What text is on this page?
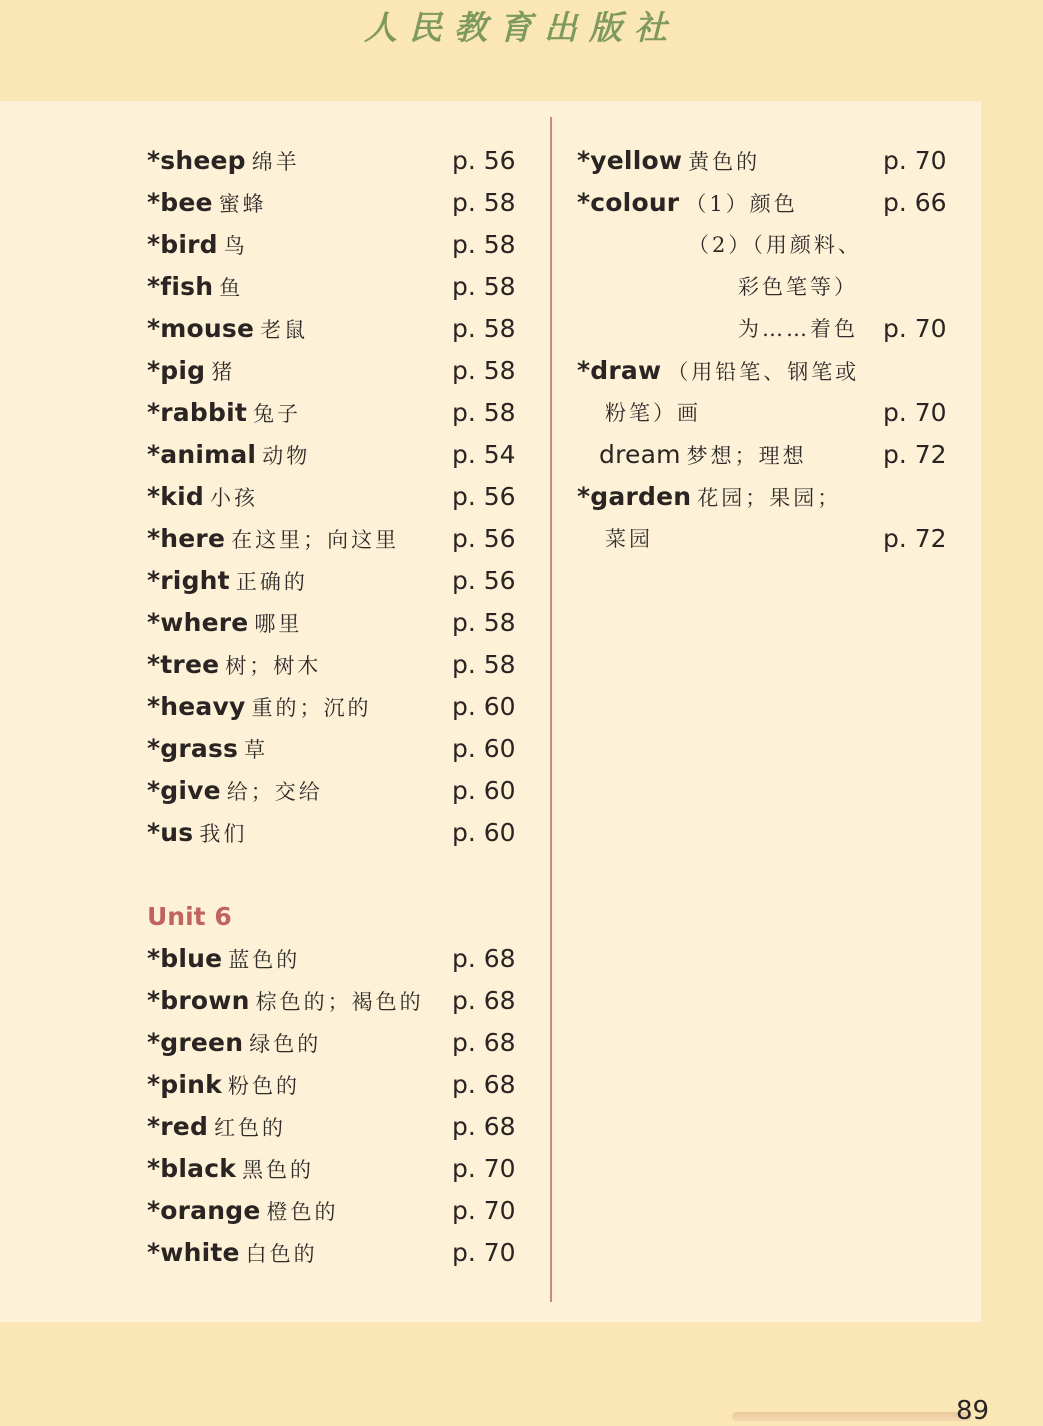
人民教育出版社
*sheep 绵羊	p. 56
*bee 蜜蜂	p. 58
*bird 鸟	p. 58
*fish 鱼	p. 58
*mouse 老鼠	p. 58
*pig 猪	p. 58
*rabbit 兔子	p. 58
*animal 动物	p. 54
*kid 小孩	p. 56
*here 在这里；向这里 p. 56
*right 正确的	p. 56
*where 哪里	p. 58
*tree 树；树木	p. 58
*heavy 重的；沉的	p. 60
*grass 草	p. 60
*give 给；交给	p. 60
*us 我们	p. 60
Unit 6
*blue 蓝色的	p. 68
*brown 棕色的；褐色的 p. 68
*green 绿色的	p. 68
*pink 粉色的	p. 68
*red 红色的	p. 68
*black 黑色的	p. 70
*orange 橙色的	p. 70
*white 白色的	p. 70
*yellow 黄色的	p. 70
*colour （1）颜色	p. 66
（2）（用颜料、
彩色笔等）
为……着色 p. 70
*draw （用铅笔、钢笔或
粉笔）画	p. 70
dream 梦想；理想	p. 72
*garden 花园；果园；
菜园	p. 72
89
